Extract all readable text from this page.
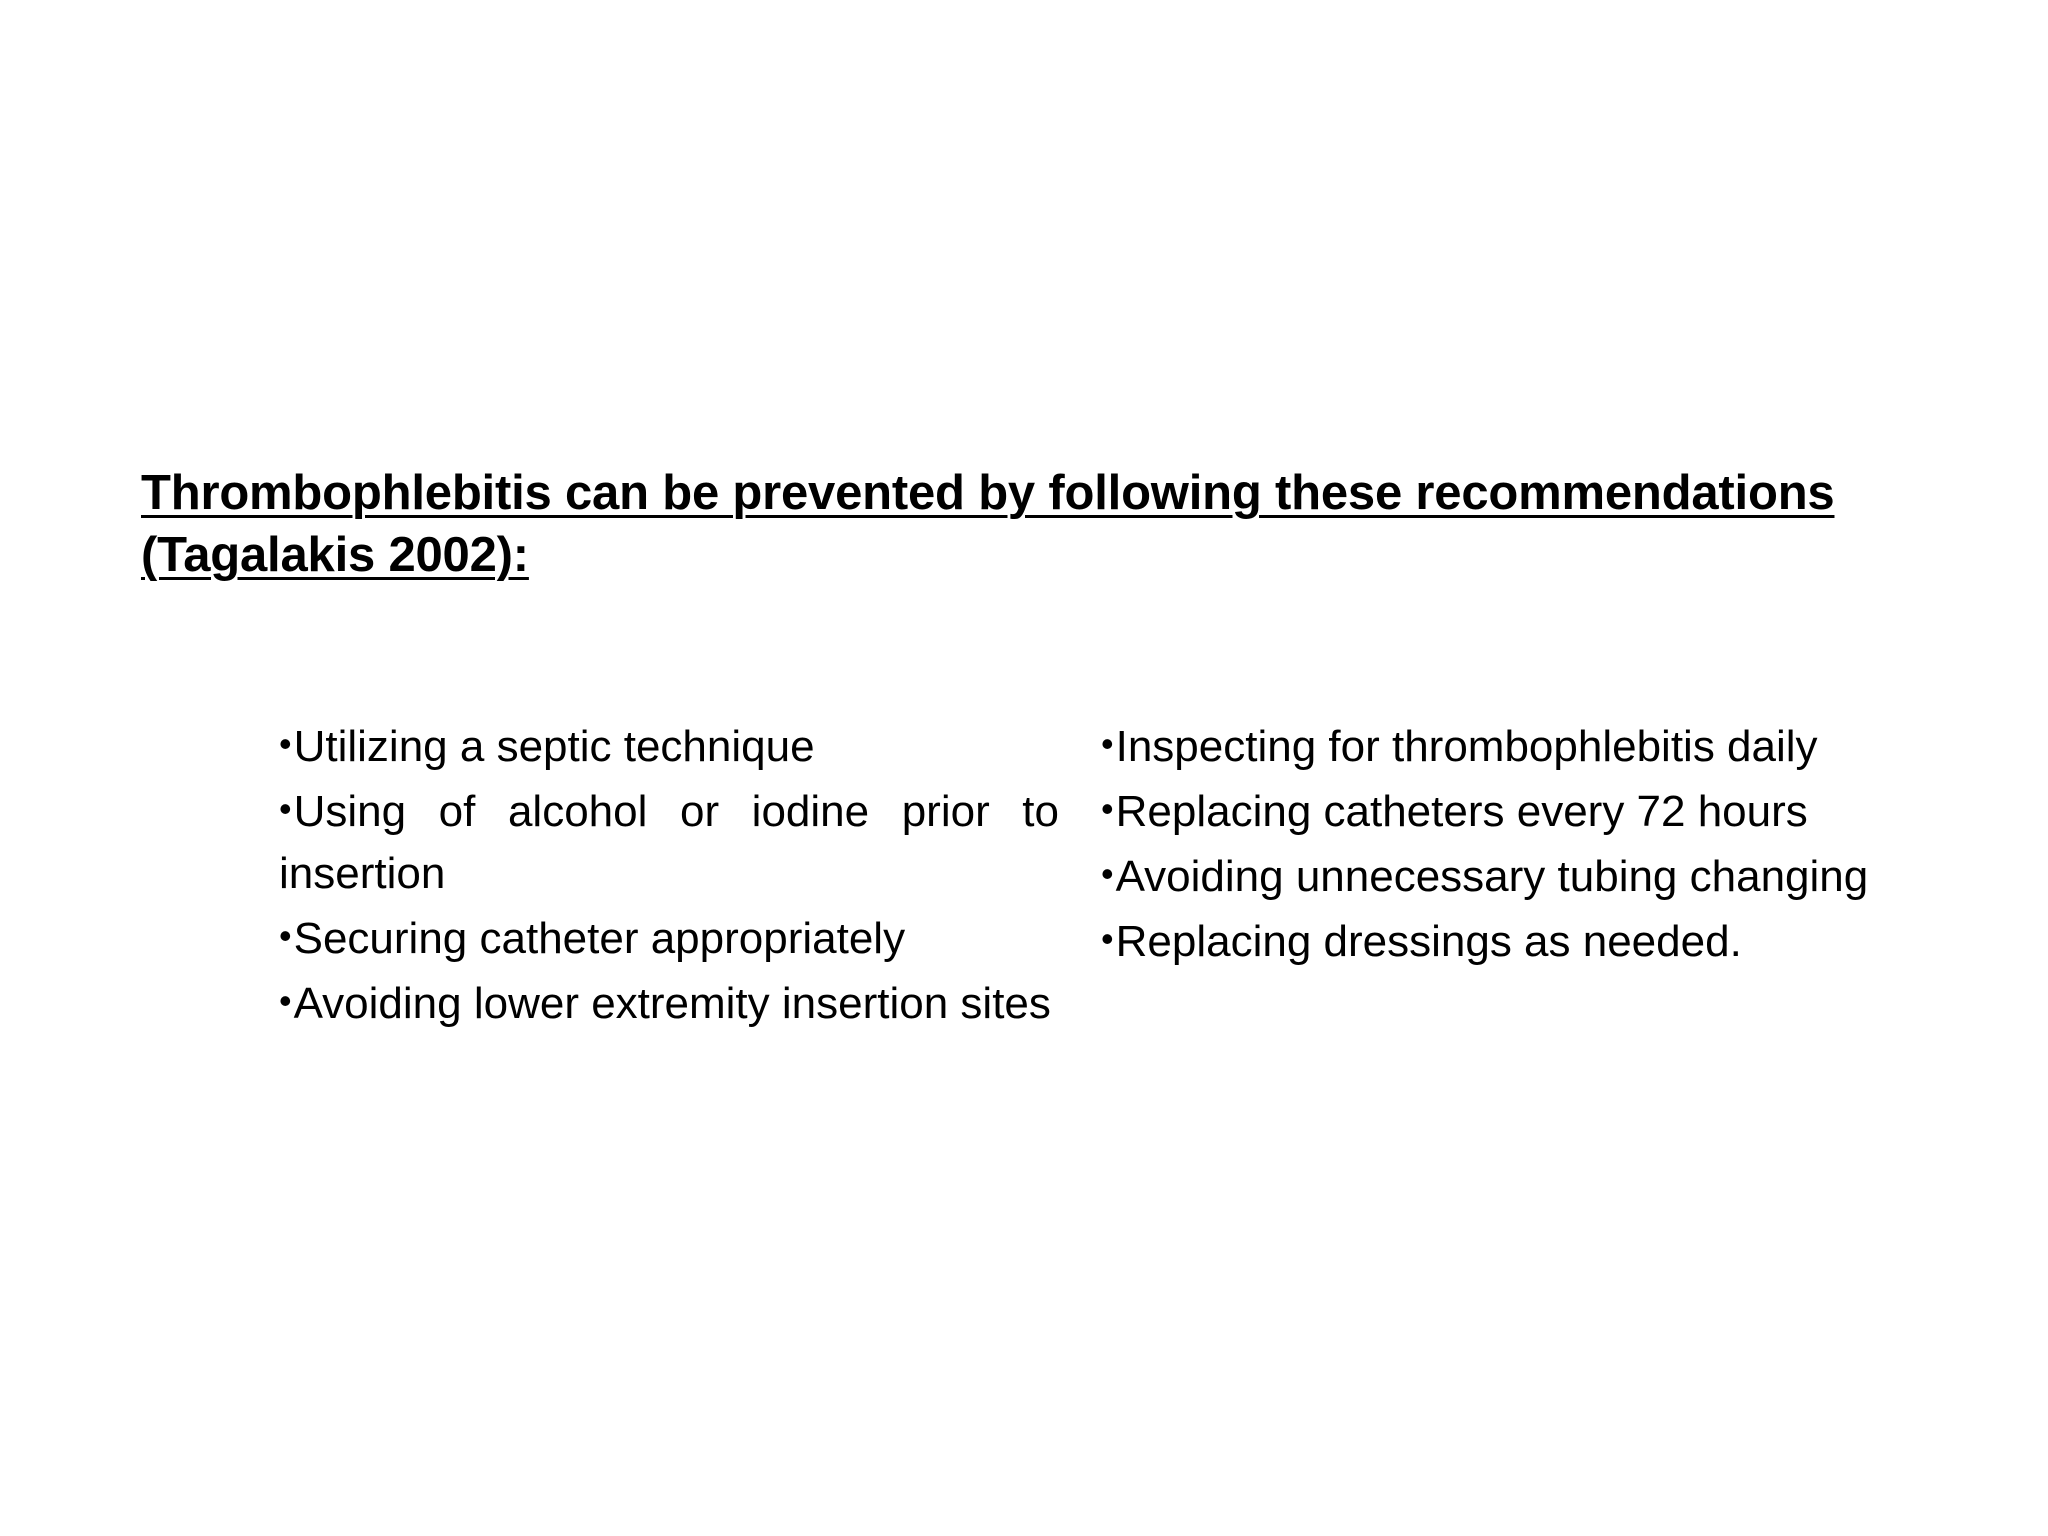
Thrombophlebitis can be prevented by following these recommendations (Tagalakis 2002):
•Utilizing a septic technique
•Using of alcohol or iodine prior to insertion
•Securing catheter appropriately
•Avoiding lower extremity insertion sites
•Inspecting for thrombophlebitis daily
•Replacing catheters every 72 hours
•Avoiding unnecessary tubing changing
•Replacing dressings as needed.
